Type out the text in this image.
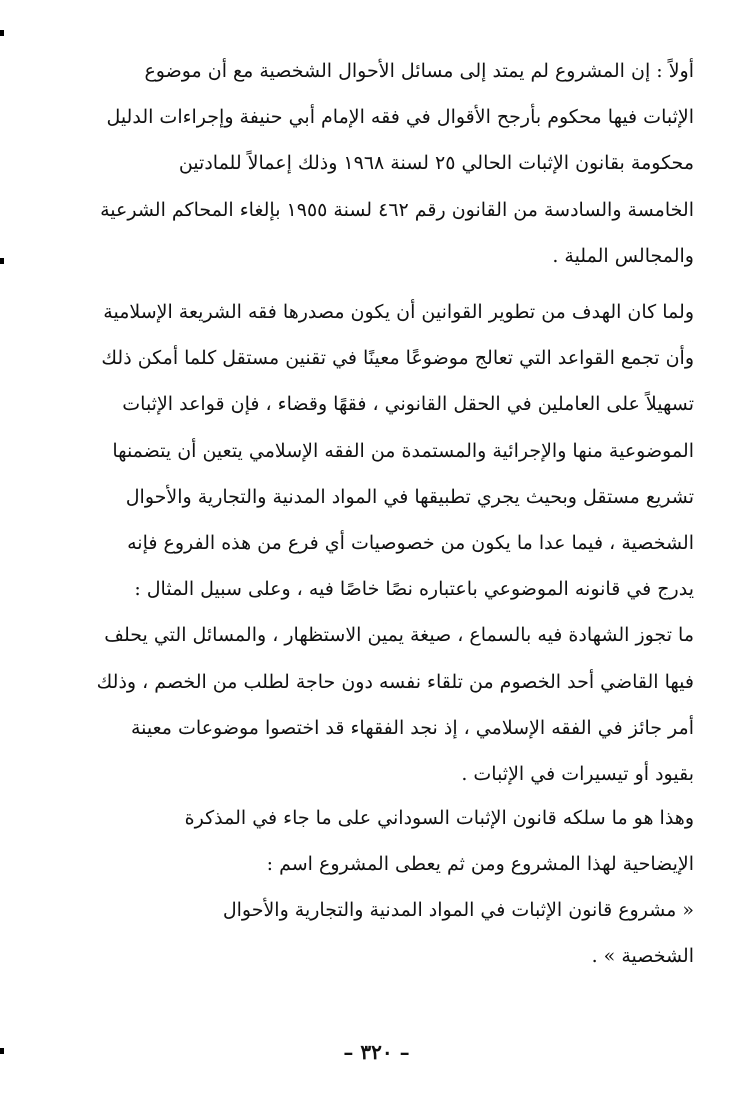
أولاً : إن المشروع لم يمتد إلى مسائل الأحوال الشخصية مع أن موضوع
الإثبات فيها محكوم بأرجح الأقوال في فقه الإمام أبي حنيفة وإجراءات الدليل
محكومة بقانون الإثبات الحالي ٢٥ لسنة ١٩٦٨ وذلك إعمالاً للمادتين
الخامسة والسادسة من القانون رقم ٤٦٢ لسنة ١٩٥٥ بإلغاء المحاكم الشرعية
والمجالس الملية .
ولما كان الهدف من تطوير القوانين أن يكون مصدرها فقه الشريعة الإسلامية
وأن تجمع القواعد التي تعالج موضوعًا معينًا في تقنين مستقل كلما أمكن ذلك
تسهيلاً على العاملين في الحقل القانوني ، فقهًا وقضاء ، فإن قواعد الإثبات
الموضوعية منها والإجرائية والمستمدة من الفقه الإسلامي يتعين أن يتضمنها
تشريع مستقل وبحيث يجري تطبيقها في المواد المدنية والتجارية والأحوال
الشخصية ، فيما عدا ما يكون من خصوصيات أي فرع من هذه الفروع فإنه
يدرج في قانونه الموضوعي باعتباره نصًا خاصًا فيه ، وعلى سبيل المثال :
ما تجوز الشهادة فيه بالسماع ، صيغة يمين الاستظهار ، والمسائل التي يحلف
فيها القاضي أحد الخصوم من تلقاء نفسه دون حاجة لطلب من الخصم ، وذلك
أمر جائز في الفقه الإسلامي ، إذ نجد الفقهاء قد اختصوا موضوعات معينة
بقيود أو تيسيرات في الإثبات .
وهذا هو ما سلكه قانون الإثبات السوداني على ما جاء في المذكرة
الإيضاحية لهذا المشروع ومن ثم يعطى المشروع اسم :
« مشروع قانون الإثبات في المواد المدنية والتجارية والأحوال
الشخصية » .
– ٣٢٠ –
